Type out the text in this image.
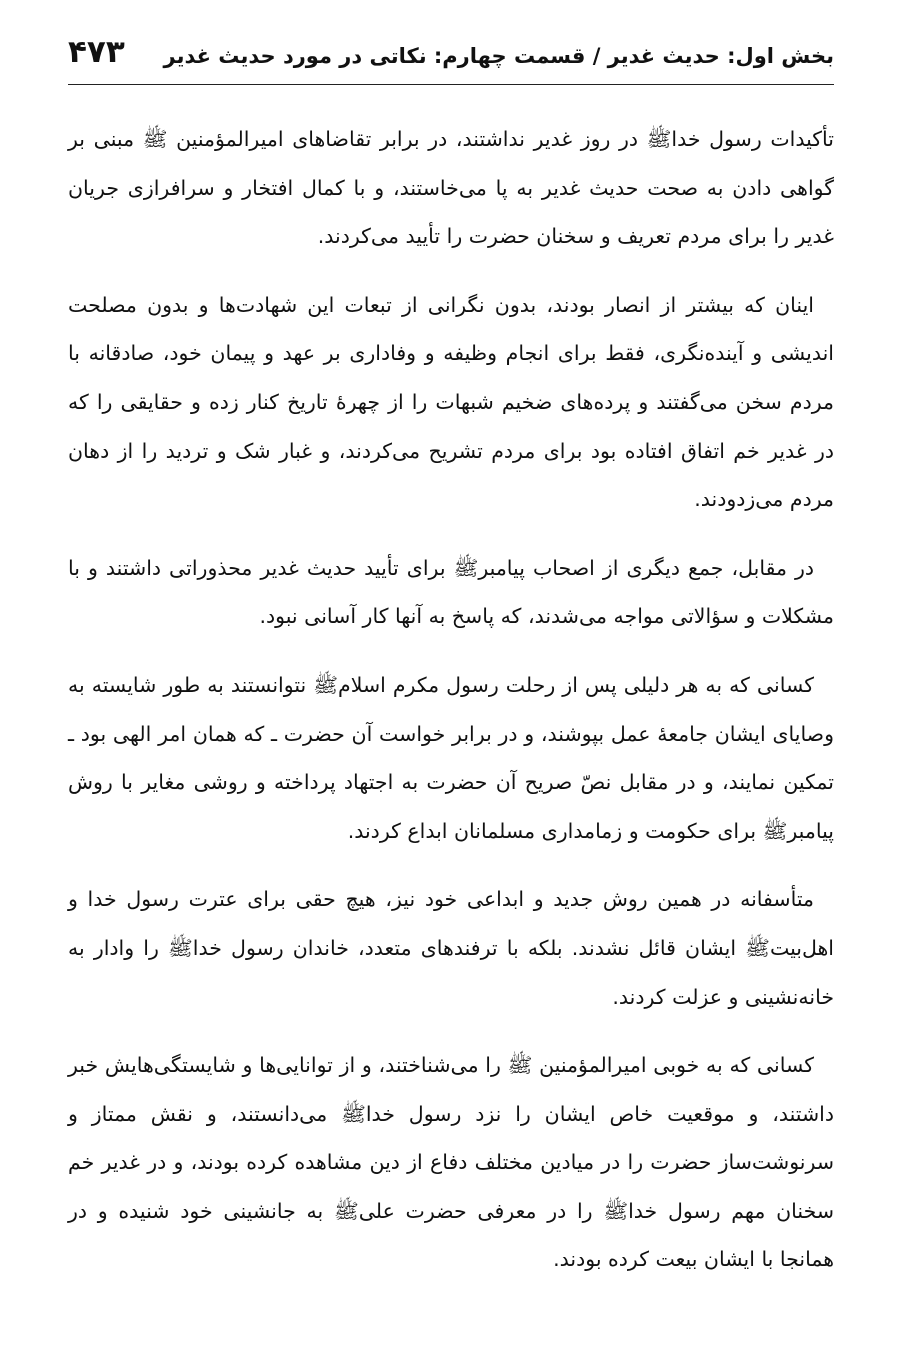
بخش اول: حدیث غدیر / قسمت چهارم: نکاتی در مورد حدیث غدیر
۴۷۳

تأکیدات رسول خداﷺ در روز غدیر نداشتند، در برابر تقاضاهای امیرالمؤمنین ﷺ مبنی بر گواهی دادن به صحت حدیث غدیر به پا می‌خاستند، و با کمال افتخار و سرافرازی جریان غدیر را برای مردم تعریف و سخنان حضرت را تأیید می‌کردند.

اینان که بیشتر از انصار بودند، بدون نگرانی از تبعات این شهادت‌ها و بدون مصلحت اندیشی و آینده‌نگری، فقط برای انجام وظیفه و وفاداری بر عهد و پیمان خود، صادقانه با مردم سخن می‌گفتند و پرده‌های ضخیم شبهات را از چهرهٔ تاریخ کنار زده و حقایقی را که در غدیر خم اتفاق افتاده بود برای مردم تشریح می‌کردند، و غبار شک و تردید را از دهان مردم می‌زدودند.

در مقابل، جمع دیگری از اصحاب پیامبرﷺ برای تأیید حدیث غدیر محذوراتی داشتند و با مشکلات و سؤالاتی مواجه می‌شدند، که پاسخ به آنها کار آسانی نبود.

کسانی که به هر دلیلی پس از رحلت رسول مکرم اسلامﷺ نتوانستند به طور شایسته به وصایای ایشان جامعهٔ عمل بپوشند، و در برابر خواست آن حضرت ـ که همان امر الهی بود ـ تمکین نمایند، و در مقابل نصّ صریح آن حضرت به اجتهاد پرداخته و روشی مغایر با روش پیامبرﷺ برای حکومت و زمامداری مسلمانان ابداع کردند.

متأسفانه در همین روش جدید و ابداعی خود نیز، هیچ حقی برای عترت رسول خدا و اهل‌بیتﷺ ایشان قائل نشدند. بلکه با ترفندهای متعدد، خاندان رسول خداﷺ را وادار به خانه‌نشینی و عزلت کردند.

کسانی که به خوبی امیرالمؤمنین ﷺ را می‌شناختند، و از توانایی‌ها و شایستگی‌هایش خبر داشتند، و موقعیت خاص ایشان را نزد رسول خداﷺ می‌دانستند، و نقش ممتاز و سرنوشت‌ساز حضرت را در میادین مختلف دفاع از دین مشاهده کرده بودند، و در غدیر خم سخنان مهم رسول خداﷺ را در معرفی حضرت علیﷺ به جانشینی خود شنیده و در همانجا با ایشان بیعت کرده بودند.
